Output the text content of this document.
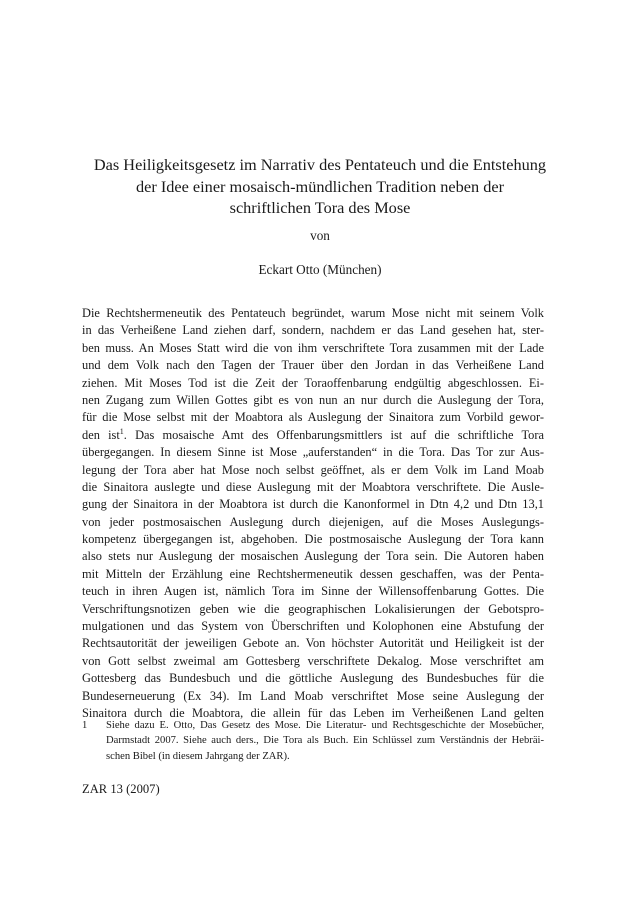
Das Heiligkeitsgesetz im Narrativ des Pentateuch und die Entstehung
der Idee einer mosaisch-mündlichen Tradition neben der
schriftlichen Tora des Mose
von
Eckart Otto (München)
Die Rechtshermeneutik des Pentateuch begründet, warum Mose nicht mit seinem Volk
in das Verheißene Land ziehen darf, sondern, nachdem er das Land gesehen hat, ster-
ben muss. An Moses Statt wird die von ihm verschriftete Tora zusammen mit der Lade
und dem Volk nach den Tagen der Trauer über den Jordan in das Verheißene Land
ziehen. Mit Moses Tod ist die Zeit der Toraoffenbarung endgültig abgeschlossen. Ei-
nen Zugang zum Willen Gottes gibt es von nun an nur durch die Auslegung der Tora,
für die Mose selbst mit der Moabtora als Auslegung der Sinaitora zum Vorbild gewor-
den ist$^1$. Das mosaische Amt des Offenbarungsmittlers ist auf die schriftliche Tora
übergegangen. In diesem Sinne ist Mose „auferstanden“ in die Tora. Das Tor zur Aus-
legung der Tora aber hat Mose noch selbst geöffnet, als er dem Volk im Land Moab
die Sinaitora auslegte und diese Auslegung mit der Moabtora verschriftete. Die Ausle-
gung der Sinaitora in der Moabtora ist durch die Kanonformel in Dtn 4,2 und Dtn 13,1
von jeder postmosaischen Auslegung durch diejenigen, auf die Moses Auslegungs-
kompetenz übergegangen ist, abgehoben. Die postmosaische Auslegung der Tora kann
also stets nur Auslegung der mosaischen Auslegung der Tora sein. Die Autoren haben
mit Mitteln der Erzählung eine Rechtshermeneutik dessen geschaffen, was der Penta-
teuch in ihren Augen ist, nämlich Tora im Sinne der Willensoffenbarung Gottes. Die
Verschriftungsnotizen geben wie die geographischen Lokalisierungen der Gebotspro-
mulgationen und das System von Überschriften und Kolophonen eine Abstufung der
Rechtsautorität der jeweiligen Gebote an. Von höchster Autorität und Heiligkeit ist der
von Gott selbst zweimal am Gottesberg verschriftete Dekalog. Mose verschriftet am
Gottesberg das Bundesbuch und die göttliche Auslegung des Bundesbuches für die
Bundeserneuerung (Ex 34). Im Land Moab verschriftet Mose seine Auslegung der
Sinaitora durch die Moabtora, die allein für das Leben im Verheißenen Land gelten
1 Siehe dazu E. Otto, Das Gesetz des Mose. Die Literatur- und Rechtsgeschichte der Mosebücher,
Darmstadt 2007. Siehe auch ders., Die Tora als Buch. Ein Schlüssel zum Verständnis der Hebräi-
schen Bibel (in diesem Jahrgang der ZAR).
ZAR 13 (2007)
